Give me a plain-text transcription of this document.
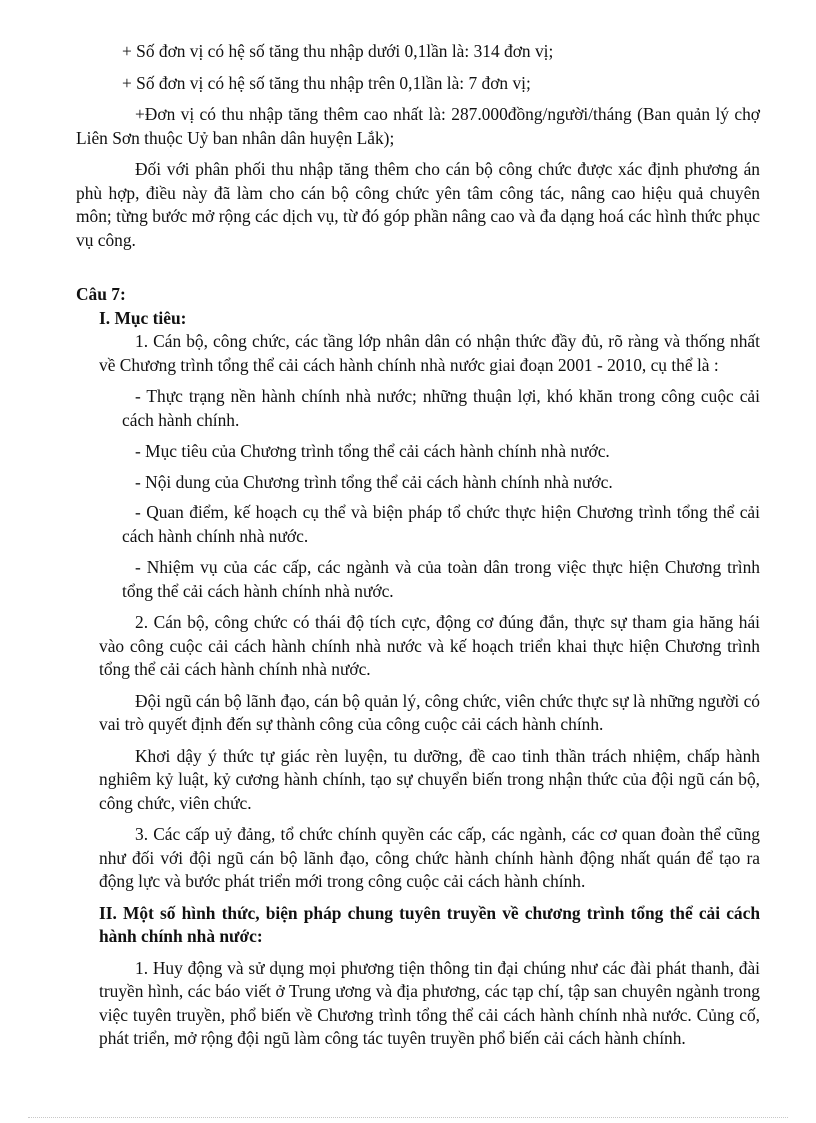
+ Số đơn vị có hệ số tăng thu nhập dưới 0,1lần là: 314 đơn vị;

+ Số đơn vị có hệ số tăng thu nhập trên 0,1lần là: 7 đơn vị;

+Đơn vị có thu nhập tăng thêm cao nhất là: 287.000đồng/người/tháng (Ban quản lý chợ Liên Sơn thuộc Uỷ ban nhân dân huyện Lắk);

Đối với phân phối thu nhập tăng thêm cho cán bộ công chức được xác định phương án phù hợp, điều này đã làm cho cán bộ công chức yên tâm công tác, nâng cao hiệu quả chuyên môn; từng bước mở rộng các dịch vụ, từ đó góp phần nâng cao và đa dạng hoá các hình thức phục vụ công.

Câu 7:

I. Mục tiêu:

1. Cán bộ, công chức, các tầng lớp nhân dân có nhận thức đầy đủ, rõ ràng và thống nhất về Chương trình tổng thể cải cách hành chính nhà nước giai đoạn 2001 - 2010, cụ thể là :

- Thực trạng nền hành chính nhà nước; những thuận lợi, khó khăn trong công cuộc cải cách hành chính.

- Mục tiêu của Chương trình tổng thể cải cách hành chính nhà nước.

- Nội dung của Chương trình tổng thể cải cách hành chính nhà nước.

- Quan điểm, kế hoạch cụ thể và biện pháp tổ chức thực hiện Chương trình tổng thể cải cách hành chính nhà nước.

- Nhiệm vụ của các cấp, các ngành và của toàn dân trong việc thực hiện Chương trình tổng thể cải cách hành chính nhà nước.

2. Cán bộ, công chức có thái độ tích cực, động cơ đúng đắn, thực sự tham gia hăng hái vào công cuộc cải cách hành chính nhà nước và kế hoạch triển khai thực hiện Chương trình tổng thể cải cách hành chính nhà nước.

Đội ngũ cán bộ lãnh đạo, cán bộ quản lý, công chức, viên chức thực sự là những người có vai trò quyết định đến sự thành công của công cuộc cải cách hành chính.

Khơi dậy ý thức tự giác rèn luyện, tu dưỡng, đề cao tinh thần trách nhiệm, chấp hành nghiêm kỷ luật, kỷ cương hành chính, tạo sự chuyển biến trong nhận thức của đội ngũ cán bộ, công chức, viên chức.

3. Các cấp uỷ đảng, tổ chức chính quyền các cấp, các ngành, các cơ quan đoàn thể cũng như đối với đội ngũ cán bộ lãnh đạo, công chức hành chính hành động nhất quán để tạo ra động lực và bước phát triển mới trong công cuộc cải cách hành chính.

II. Một số hình thức, biện pháp chung tuyên truyền về chương trình tổng thể cải cách hành chính nhà nước:

1. Huy động và sử dụng mọi phương tiện thông tin đại chúng như các đài phát thanh, đài truyền hình, các báo viết ở Trung ương và địa phương, các tạp chí, tập san chuyên ngành trong việc tuyên truyền, phổ biến về Chương trình tổng thể cải cách hành chính nhà nước. Củng cố, phát triển, mở rộng đội ngũ làm công tác tuyên truyền phổ biến cải cách hành chính.
